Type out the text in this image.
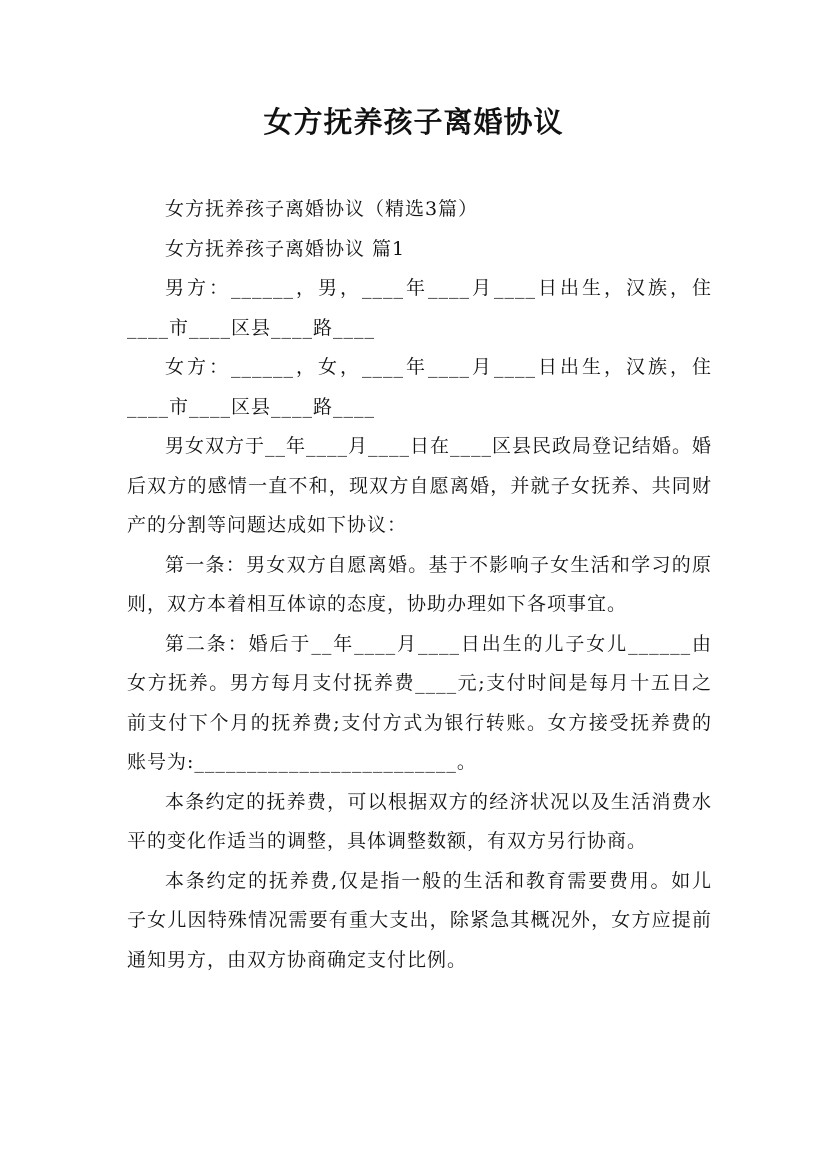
女方抚养孩子离婚协议

女方抚养孩子离婚协议（精选3篇）

女方抚养孩子离婚协议 篇1

男方：______，男，____年____月____日出生，汉族，住____市____区县____路____

女方：______，女，____年____月____日出生，汉族，住____市____区县____路____

男女双方于__年____月____日在____区县民政局登记结婚。婚后双方的感情一直不和，现双方自愿离婚，并就子女抚养、共同财产的分割等问题达成如下协议：

第一条：男女双方自愿离婚。基于不影响子女生活和学习的原则，双方本着相互体谅的态度，协助办理如下各项事宜。

第二条：婚后于__年____月____日出生的儿子女儿______由女方抚养。男方每月支付抚养费____元;支付时间是每月十五日之前支付下个月的抚养费;支付方式为银行转账。女方接受抚养费的账号为:_________________________。

本条约定的抚养费，可以根据双方的经济状况以及生活消费水平的变化作适当的调整，具体调整数额，有双方另行协商。

本条约定的抚养费,仅是指一般的生活和教育需要费用。如儿子女儿因特殊情况需要有重大支出，除紧急其概况外，女方应提前通知男方，由双方协商确定支付比例。
